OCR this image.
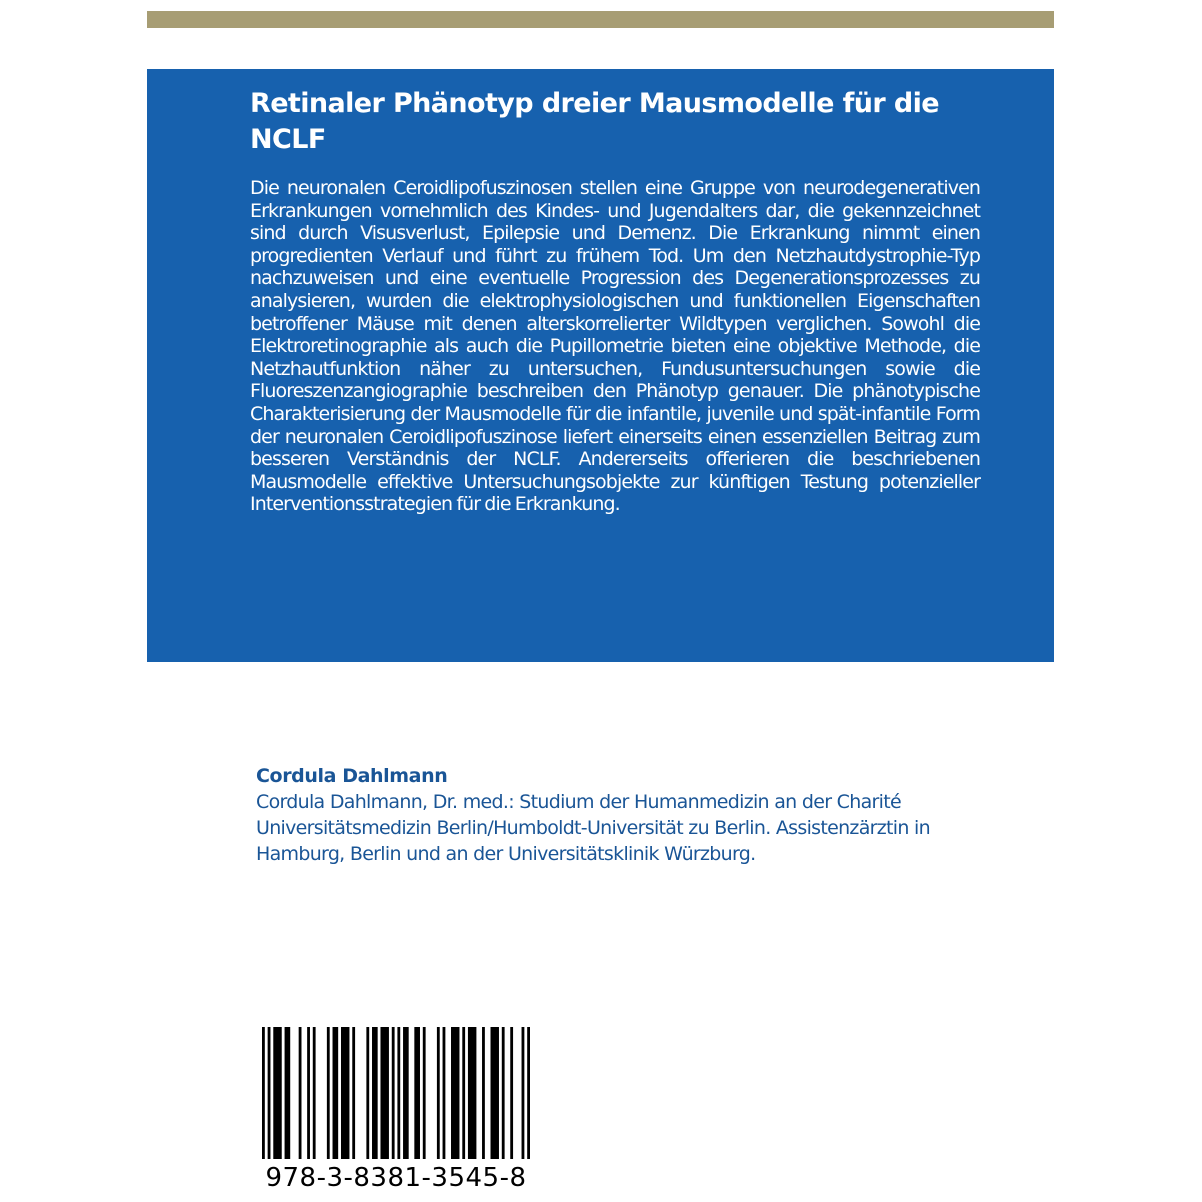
Retinaler Phänotyp dreier Mausmodelle für die NCLF

Die neuronalen Ceroidlipofuszinosen stellen eine Gruppe von neurodegenerativen Erkrankungen vornehmlich des Kindes- und Jugendalters dar, die gekennzeichnet sind durch Visusverlust, Epilepsie und Demenz. Die Erkrankung nimmt einen progredienten Verlauf und führt zu frühem Tod. Um den Netzhautdystrophie-Typ nachzuweisen und eine eventuelle Progression des Degenerationsprozesses zu analysieren, wurden die elektrophysiologischen und funktionellen Eigenschaften betroffener Mäuse mit denen alterskorrelierter Wildtypen verglichen. Sowohl die Elektroretinographie als auch die Pupillometrie bieten eine objektive Methode, die Netzhautfunktion näher zu untersuchen, Fundusuntersuchungen sowie die Fluoreszenzangiographie beschreiben den Phänotyp genauer. Die phänotypische Charakterisierung der Mausmodelle für die infantile, juvenile und spät-infantile Form der neuronalen Ceroidlipofuszinose liefert einerseits einen essenziellen Beitrag zum besseren Verständnis der NCLF. Andererseits offerieren die beschriebenen Mausmodelle effektive Untersuchungsobjekte zur künftigen Testung potenzieller Interventionsstrategien für die Erkrankung.

Cordula Dahlmann

Cordula Dahlmann, Dr. med.: Studium der Humanmedizin an der Charité Universitätsmedizin Berlin/Humboldt-Universität zu Berlin. Assistenzärztin in Hamburg, Berlin und an der Universitätsklinik Würzburg.

978-3-8381-3545-8
